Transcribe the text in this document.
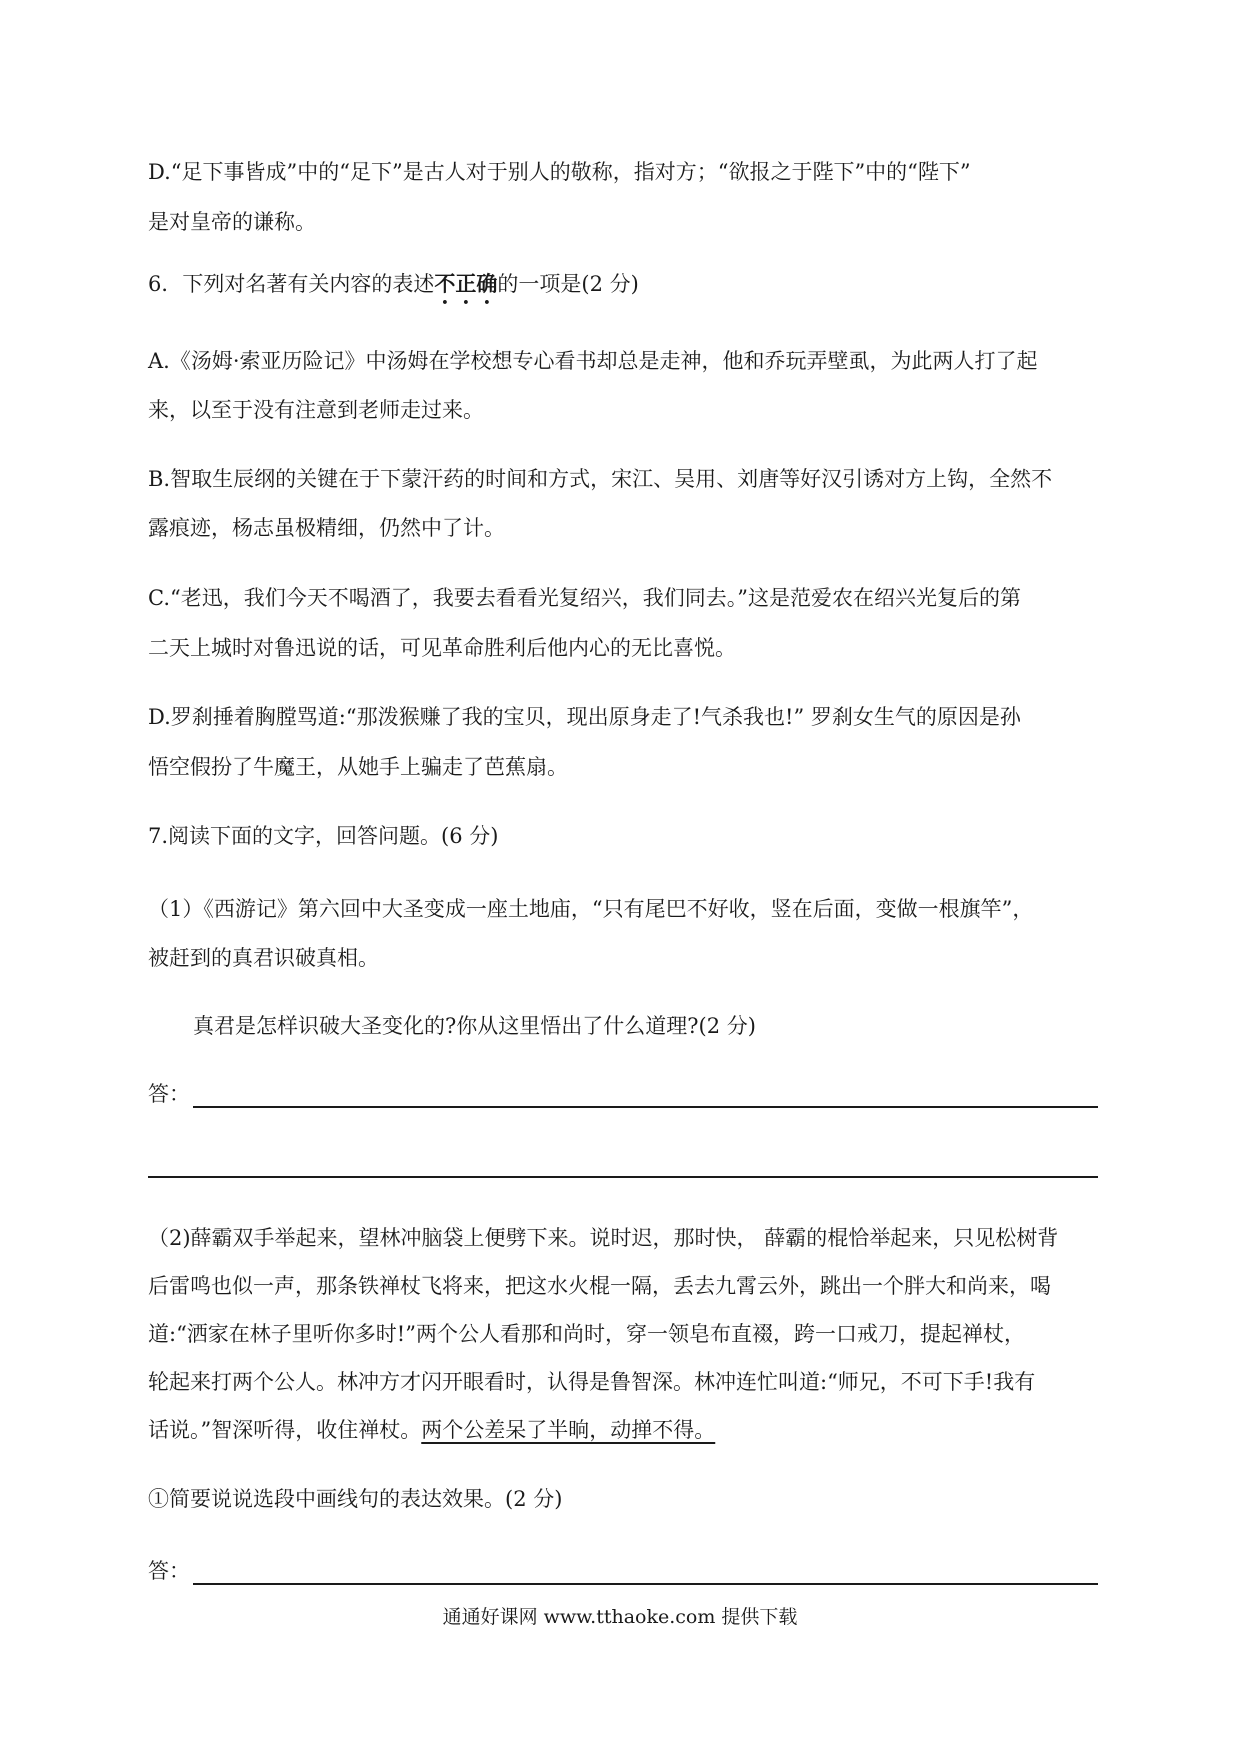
D.“足下事皆成”中的“足下”是古人对于别人的敬称，指对方；“欲报之于陛下”中的“陛下”
是对皇帝的谦称。
6．下列对名著有关内容的表述不正确的一项是(2 分)
A.《汤姆·索亚历险记》中汤姆在学校想专心看书却总是走神，他和乔玩弄壁虱，为此两人打了起
来，以至于没有注意到老师走过来。
B.智取生辰纲的关键在于下蒙汗药的时间和方式，宋江、吴用、刘唐等好汉引诱对方上钩，全然不
露痕迹，杨志虽极精细，仍然中了计。
C.“老迅，我们今天不喝酒了，我要去看看光复绍兴，我们同去。”这是范爱农在绍兴光复后的第
二天上城时对鲁迅说的话，可见革命胜利后他内心的无比喜悦。
D.罗刹捶着胸膛骂道:“那泼猴赚了我的宝贝，现出原身走了!气杀我也!” 罗刹女生气的原因是孙
悟空假扮了牛魔王，从她手上骗走了芭蕉扇。
7.阅读下面的文字，回答问题。(6 分)
（1）《西游记》第六回中大圣变成一座土地庙，“只有尾巴不好收，竖在后面，变做一根旗竿”，
被赶到的真君识破真相。
真君是怎样识破大圣变化的?你从这里悟出了什么道理?(2 分)
答：
（2)薛霸双手举起来，望林冲脑袋上便劈下来。说时迟，那时快， 薛霸的棍恰举起来，只见松树背
后雷鸣也似一声，那条铁禅杖飞将来，把这水火棍一隔，丢去九霄云外，跳出一个胖大和尚来，喝
道:“洒家在林子里听你多时!”两个公人看那和尚时，穿一领皂布直裰，跨一口戒刀，提起禅杖，
轮起来打两个公人。林冲方才闪开眼看时，认得是鲁智深。林冲连忙叫道:“师兄，不可下手!我有
话说。”智深听得，收住禅杖。两个公差呆了半晌，动掸不得。
①简要说说选段中画线句的表达效果。(2 分)
答：
通通好课网 www.tthaoke.com 提供下载
